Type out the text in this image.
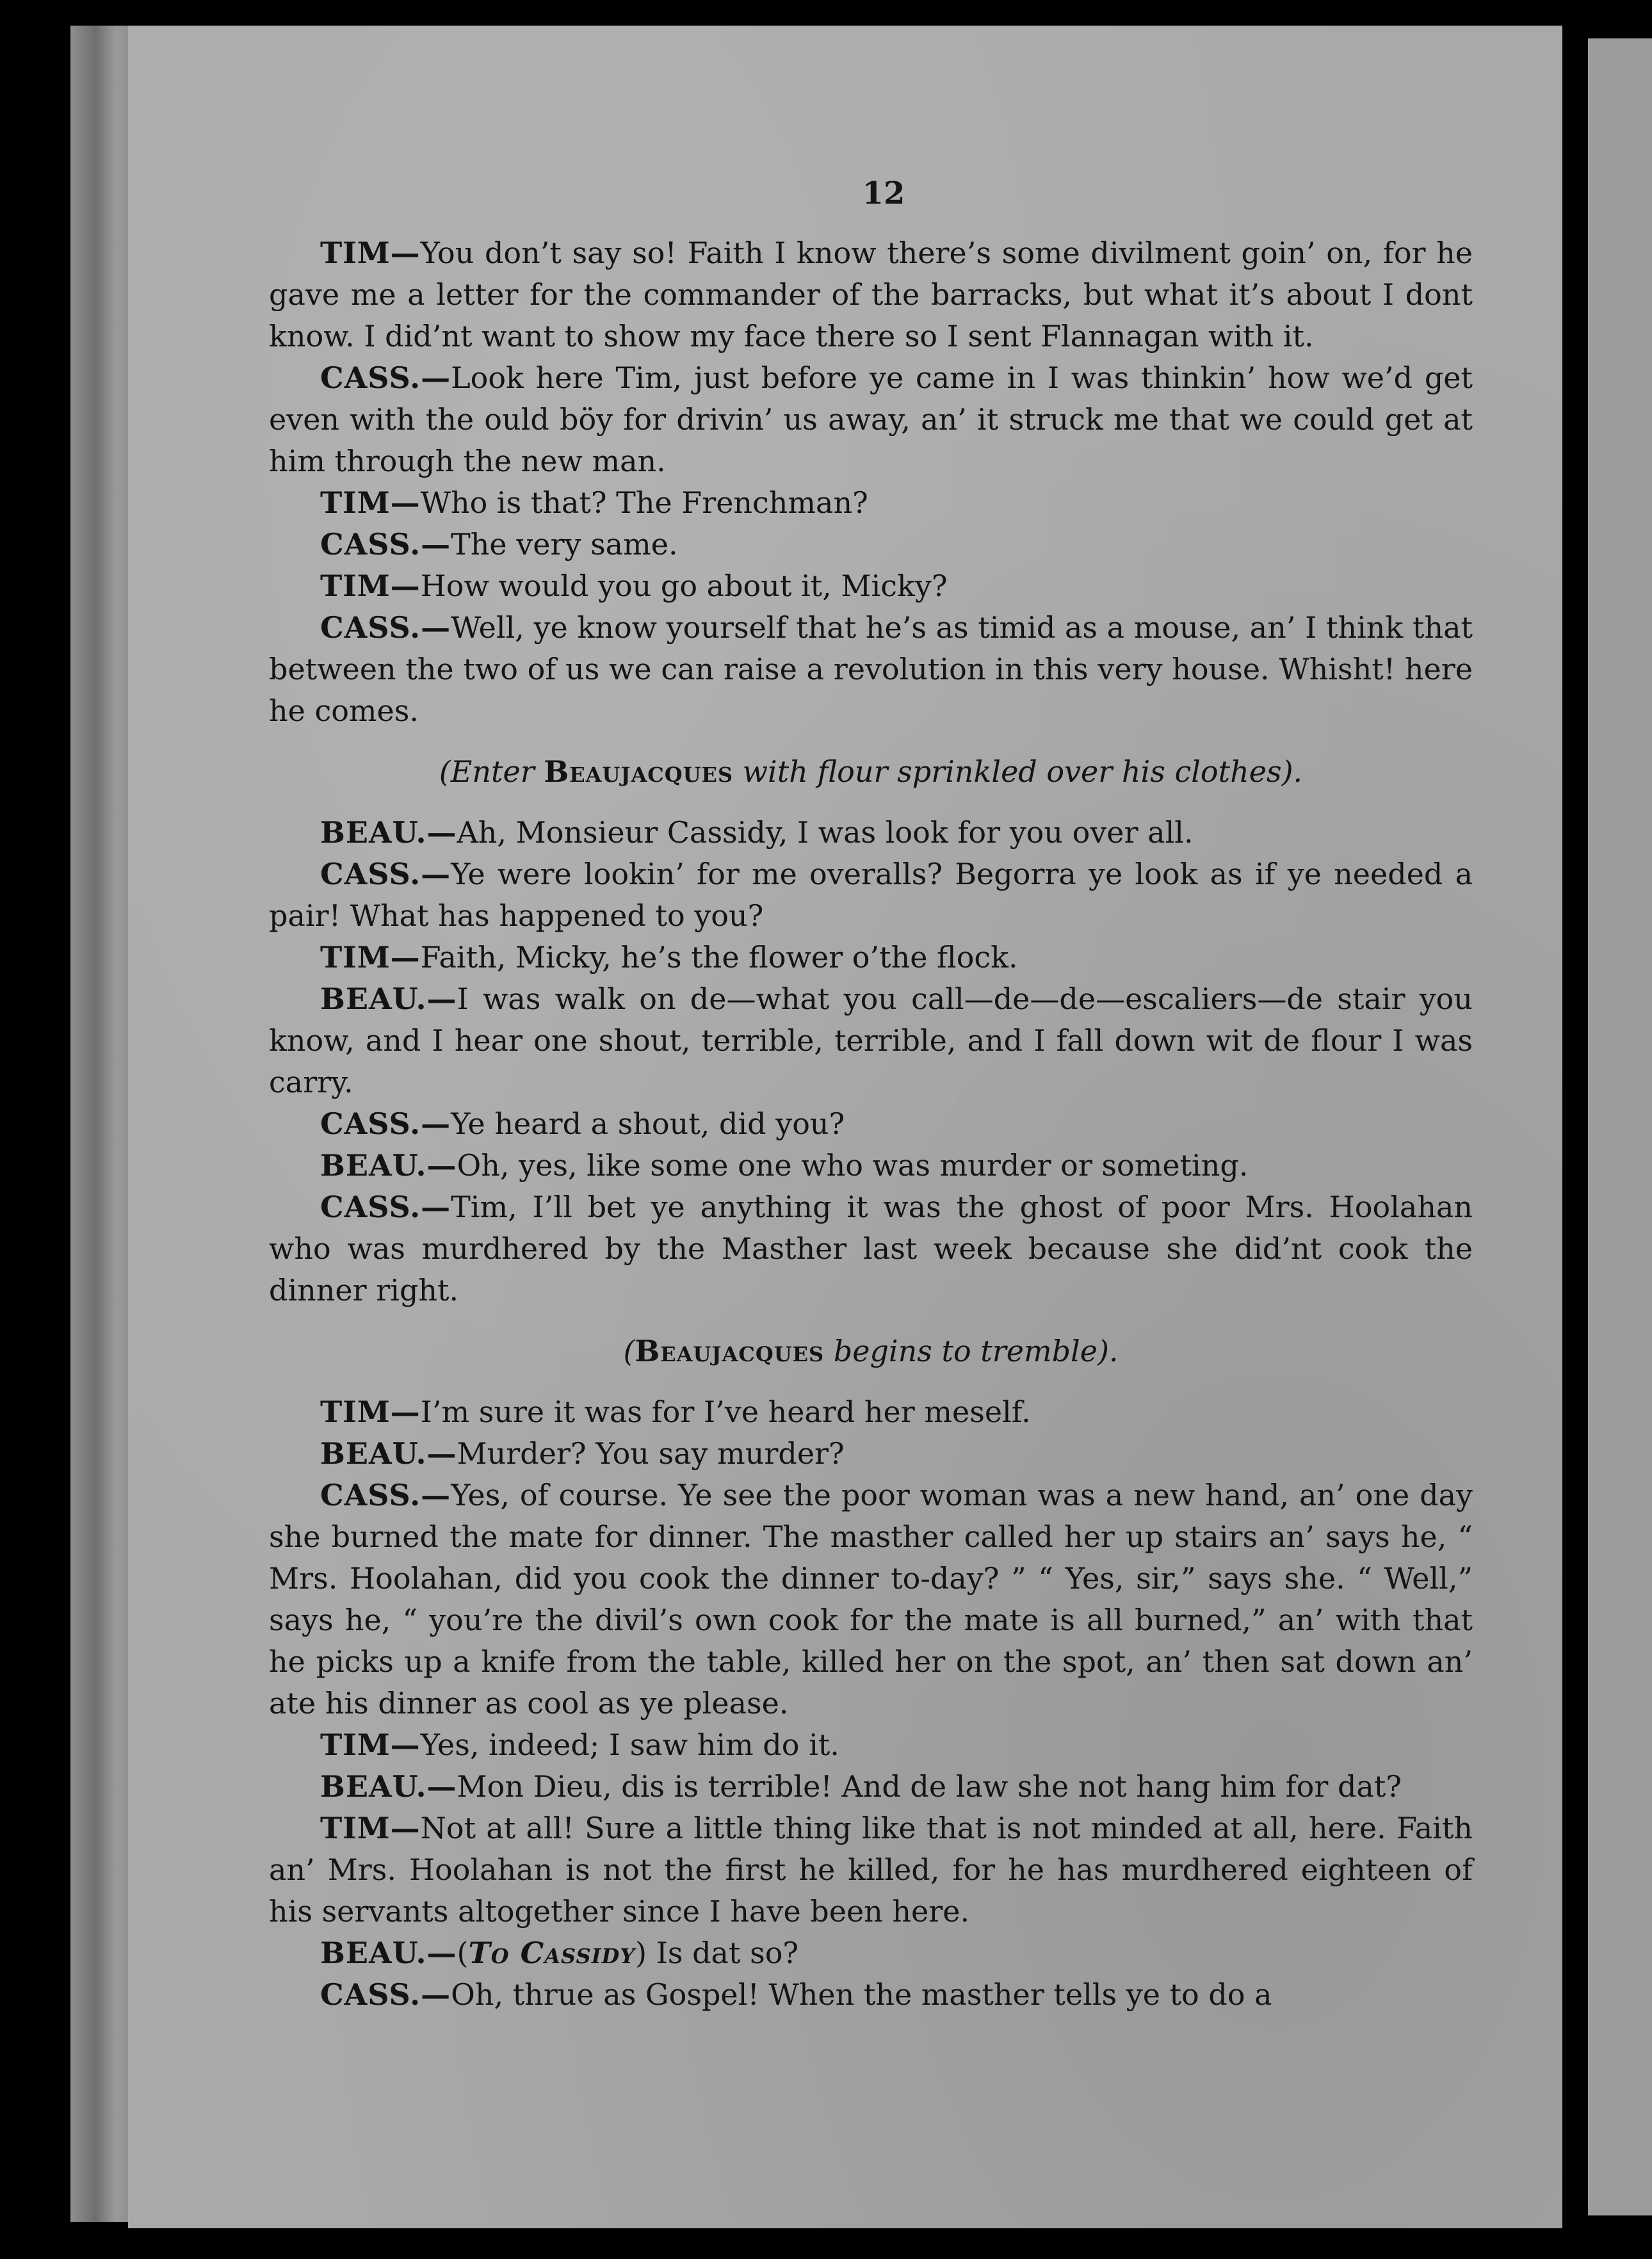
12

TIM—You don’t say so! Faith I know there’s some divilment goin’ on, for he gave me a letter for the commander of the barracks, but what it’s about I dont know. I did’nt want to show my face there so I sent Flannagan with it.

CASS.—Look here Tim, just before ye came in I was thinkin’ how we’d get even with the ould böy for drivin’ us away, an’ it struck me that we could get at him through the new man.

TIM—Who is that? The Frenchman?

CASS.—The very same.

TIM—How would you go about it, Micky?

CASS.—Well, ye know yourself that he’s as timid as a mouse, an’ I think that between the two of us we can raise a revolution in this very house. Whisht! here he comes.

(Enter Beaujacques with flour sprinkled over his clothes).

BEAU.—Ah, Monsieur Cassidy, I was look for you over all.

CASS.—Ye were lookin’ for me overalls? Begorra ye look as if ye needed a pair! What has happened to you?

TIM—Faith, Micky, he’s the flower o’the flock.

BEAU.—I was walk on de—what you call—de—de—escaliers—de stair you know, and I hear one shout, terrible, terrible, and I fall down wit de flour I was carry.

CASS.—Ye heard a shout, did you?

BEAU.—Oh, yes, like some one who was murder or someting.

CASS.—Tim, I’ll bet ye anything it was the ghost of poor Mrs. Hoolahan who was murdhered by the Masther last week because she did’nt cook the dinner right.

(Beaujacques begins to tremble).

TIM—I’m sure it was for I’ve heard her meself.

BEAU.—Murder? You say murder?

CASS.—Yes, of course. Ye see the poor woman was a new hand, an’ one day she burned the mate for dinner. The masther called her up stairs an’ says he, “ Mrs. Hoolahan, did you cook the dinner to-day? ” “ Yes, sir,” says she. “ Well,” says he, “ you’re the divil’s own cook for the mate is all burned,” an’ with that he picks up a knife from the table, killed her on the spot, an’ then sat down an’ ate his dinner as cool as ye please.

TIM—Yes, indeed; I saw him do it.

BEAU.—Mon Dieu, dis is terrible! And de law she not hang him for dat?

TIM—Not at all! Sure a little thing like that is not minded at all, here. Faith an’ Mrs. Hoolahan is not the first he killed, for he has murdhered eighteen of his servants altogether since I have been here.

BEAU.—(To Cassidy) Is dat so?

CASS.—Oh, thrue as Gospel! When the masther tells ye to do a
